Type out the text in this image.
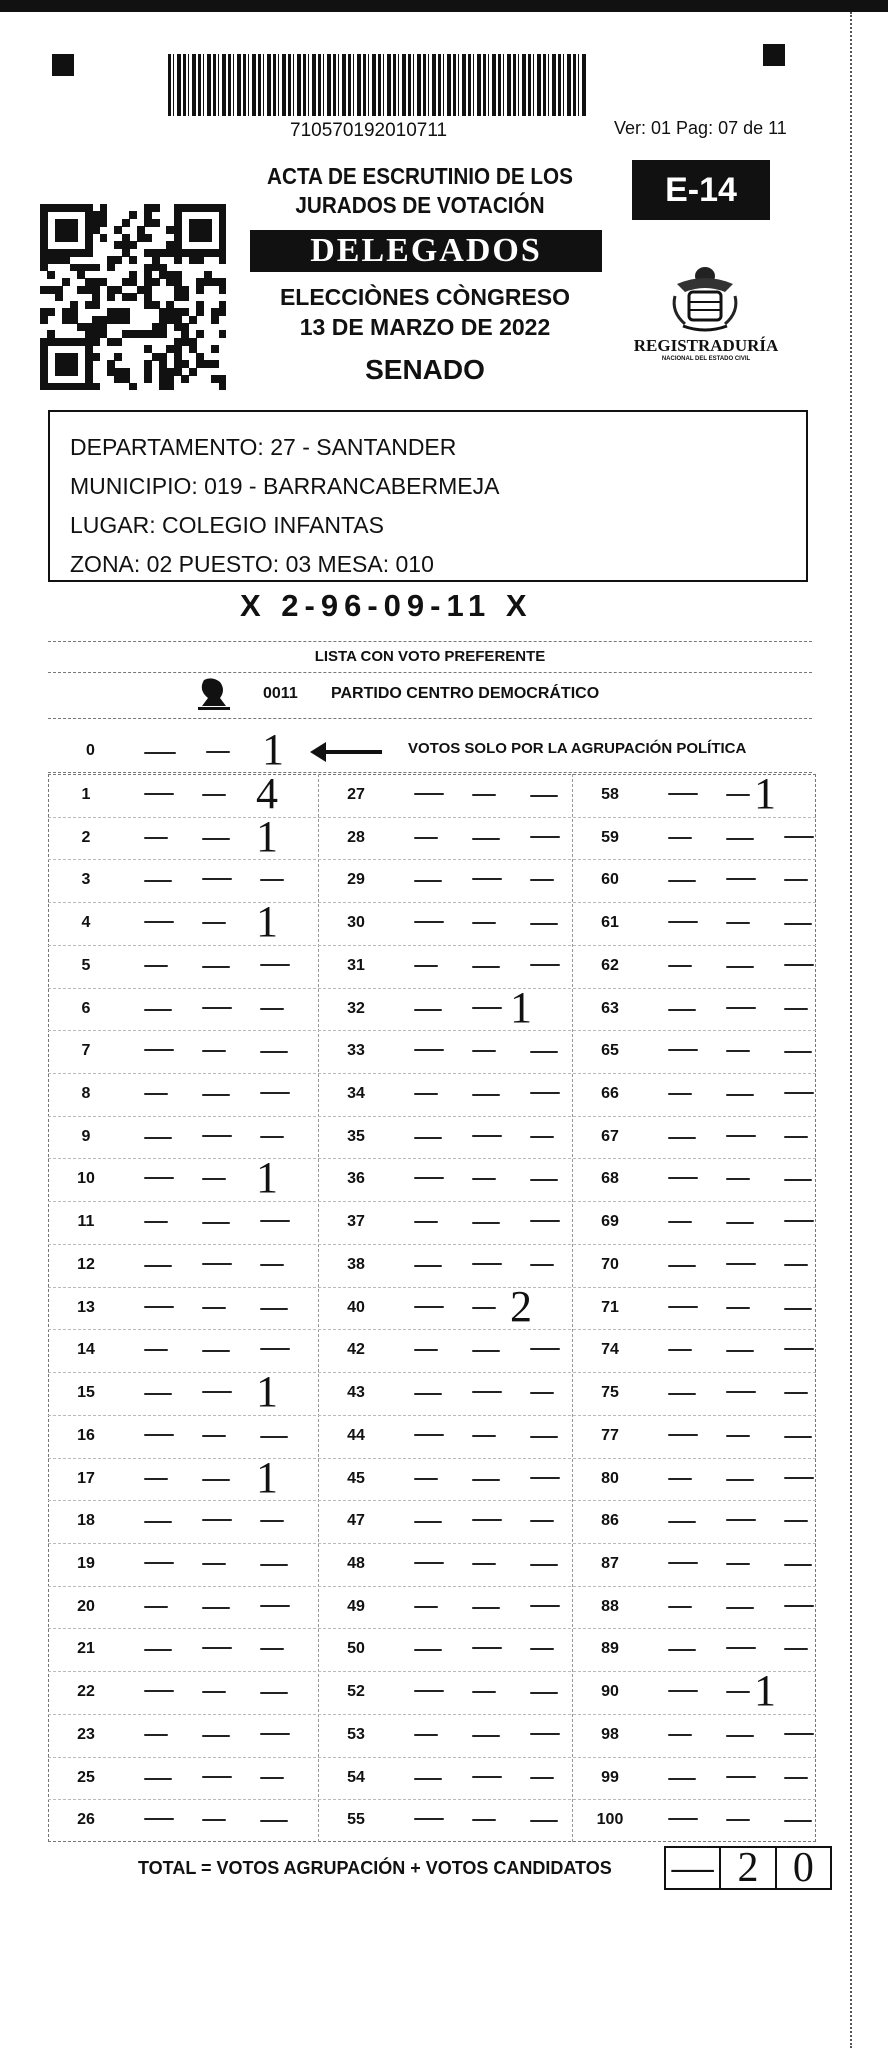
710570192010711	Ver: 01 Pag: 07 de 11
E-14
ACTA DE ESCRUTINIO DE LOS
JURADOS DE VOTACIÓN
DELEGADOS
ELECCIÒNES CÒNGRESO
13 DE MARZO DE 2022
SENADO
REGISTRADURÍA
NACIONAL DEL ESTADO CIVIL
DEPARTAMENTO: 27 - SANTANDER
MUNICIPIO: 019 - BARRANCABERMEJA
LUGAR: COLEGIO INFANTAS
ZONA: 02 PUESTO: 03 MESA: 010
X 2-96-09-11 X
LISTA CON VOTO PREFERENTE
0011 PARTIDO CENTRO DEMOCRÁTICO
0	1	VOTOS SOLO POR LA AGRUPACIÓN POLÍTICA
TOTAL = VOTOS AGRUPACIÓN + VOTOS CANDIDATOS — 2 0
1	4
2	1
3
4	1
5
6
7
8
9
10	1
11
12
13
14
15	1
16
17	1
18
19
20
21
22
23
25
26
27
28
29
30
31
32	1
33
34
35
36
37
38
40	2
42
43
44
45
47
48
49
50
52
53
54
55
58	1
59
60
61
62
63
65
66
67
68
69
70
71
74
75
77
80
86
87
88
89
90	1
98
99
100
